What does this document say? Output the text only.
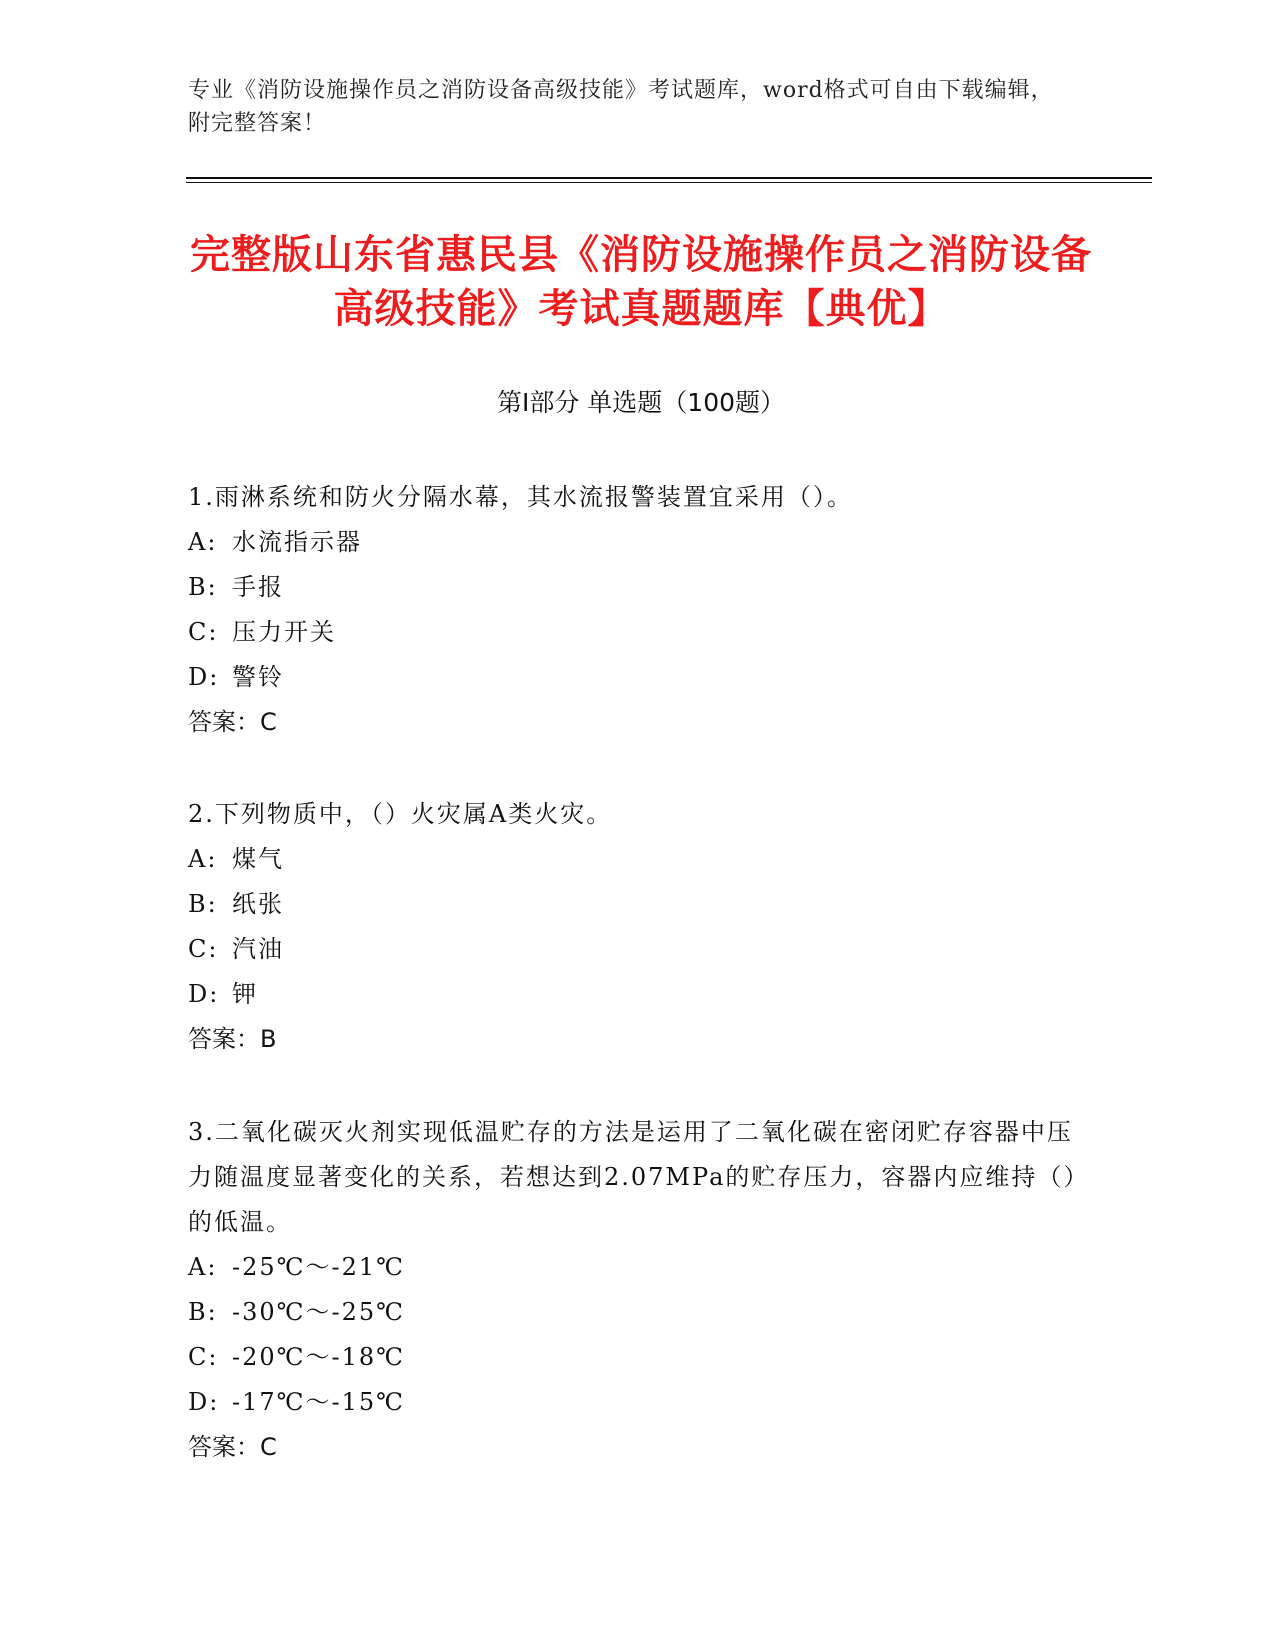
专业《消防设施操作员之消防设备高级技能》考试题库，word格式可自由下载编辑，附完整答案！
完整版山东省惠民县《消防设施操作员之消防设备高级技能》考试真题题库【典优】
第Ⅰ部分 单选题（100题）

1.雨淋系统和防火分隔水幕，其水流报警装置宜采用（）。

A: 水流指示器

B: 手报

C: 压力开关

D: 警铃

答案：C

2.下列物质中，（）火灾属A类火灾。

A: 煤气

B: 纸张

C: 汽油

D: 钾

答案：B

3.二氧化碳灭火剂实现低温贮存的方法是运用了二氧化碳在密闭贮存容器中压力随温度显著变化的关系，若想达到2.07MPa的贮存压力，容器内应维持（）的低温。

A: -25℃～-21℃

B: -30℃～-25℃

C: -20℃～-18℃

D: -17℃～-15℃

答案：C
